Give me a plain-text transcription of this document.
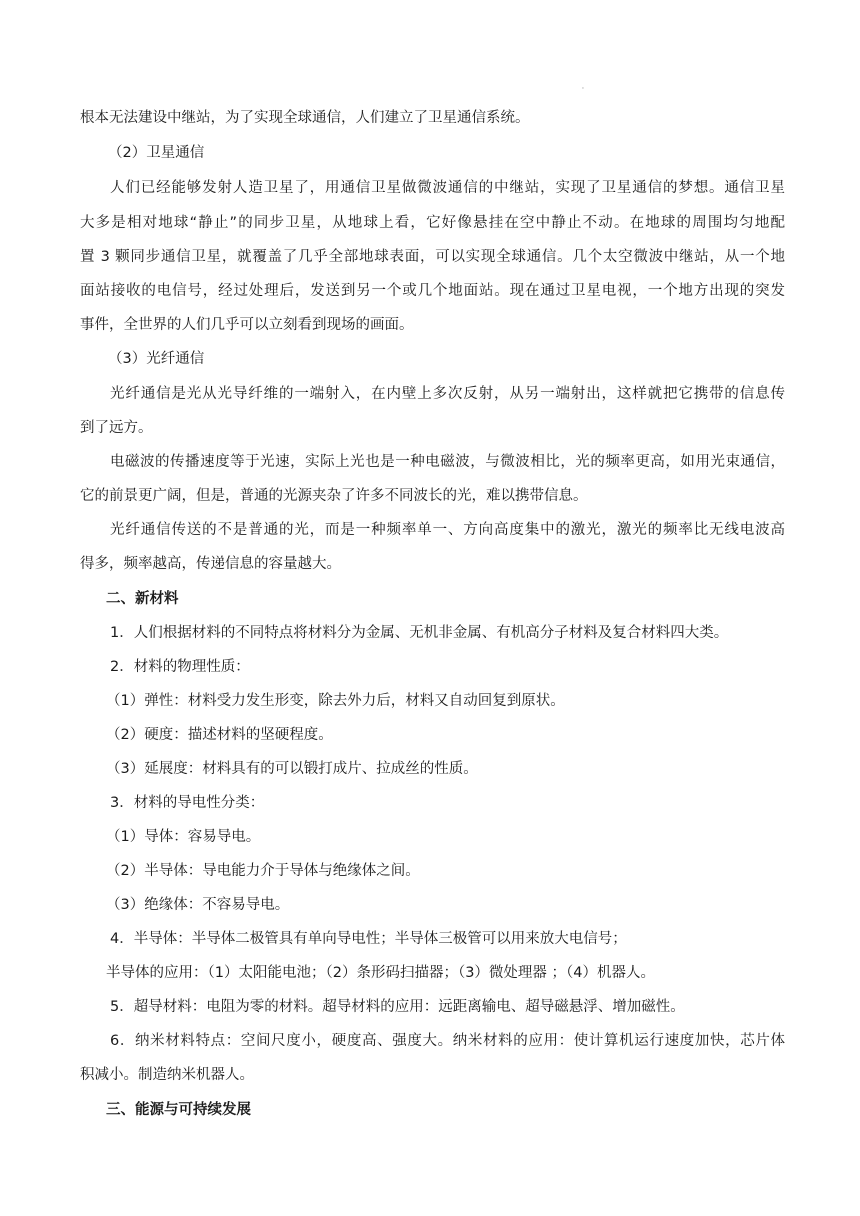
'
根本无法建设中继站，为了实现全球通信，人们建立了卫星通信系统。
（2）卫星通信
人们已经能够发射人造卫星了，用通信卫星做微波通信的中继站，实现了卫星通信的梦想。通信卫星
大多是相对地球“静止”的同步卫星，从地球上看，它好像悬挂在空中静止不动。在地球的周围均匀地配
置 3 颗同步通信卫星，就覆盖了几乎全部地球表面，可以实现全球通信。几个太空微波中继站，从一个地
面站接收的电信号，经过处理后，发送到另一个或几个地面站。现在通过卫星电视，一个地方出现的突发
事件，全世界的人们几乎可以立刻看到现场的画面。
（3）光纤通信
光纤通信是光从光导纤维的一端射入，在内壁上多次反射，从另一端射出，这样就把它携带的信息传
到了远方。
电磁波的传播速度等于光速，实际上光也是一种电磁波，与微波相比，光的频率更高，如用光束通信，
它的前景更广阔，但是，普通的光源夹杂了许多不同波长的光，难以携带信息。
光纤通信传送的不是普通的光，而是一种频率单一、方向高度集中的激光，激光的频率比无线电波高
得多，频率越高，传递信息的容量越大。
二、新材料
1．人们根据材料的不同特点将材料分为金属、无机非金属、有机高分子材料及复合材料四大类。
2．材料的物理性质：
（1）弹性：材料受力发生形变，除去外力后，材料又自动回复到原状。
（2）硬度：描述材料的坚硬程度。
（3）延展度：材料具有的可以锻打成片、拉成丝的性质。
3．材料的导电性分类：
（1）导体：容易导电。
（2）半导体：导电能力介于导体与绝缘体之间。
（3）绝缘体：不容易导电。
4．半导体：半导体二极管具有单向导电性；半导体三极管可以用来放大电信号；
半导体的应用：（1）太阳能电池；（2）条形码扫描器；（3）微处理器 ；（4）机器人。
5．超导材料：电阻为零的材料。超导材料的应用：远距离输电、超导磁悬浮、增加磁性。
6．纳米材料特点：空间尺度小，硬度高、强度大。纳米材料的应用：使计算机运行速度加快，芯片体
积减小。制造纳米机器人。
三、能源与可持续发展
